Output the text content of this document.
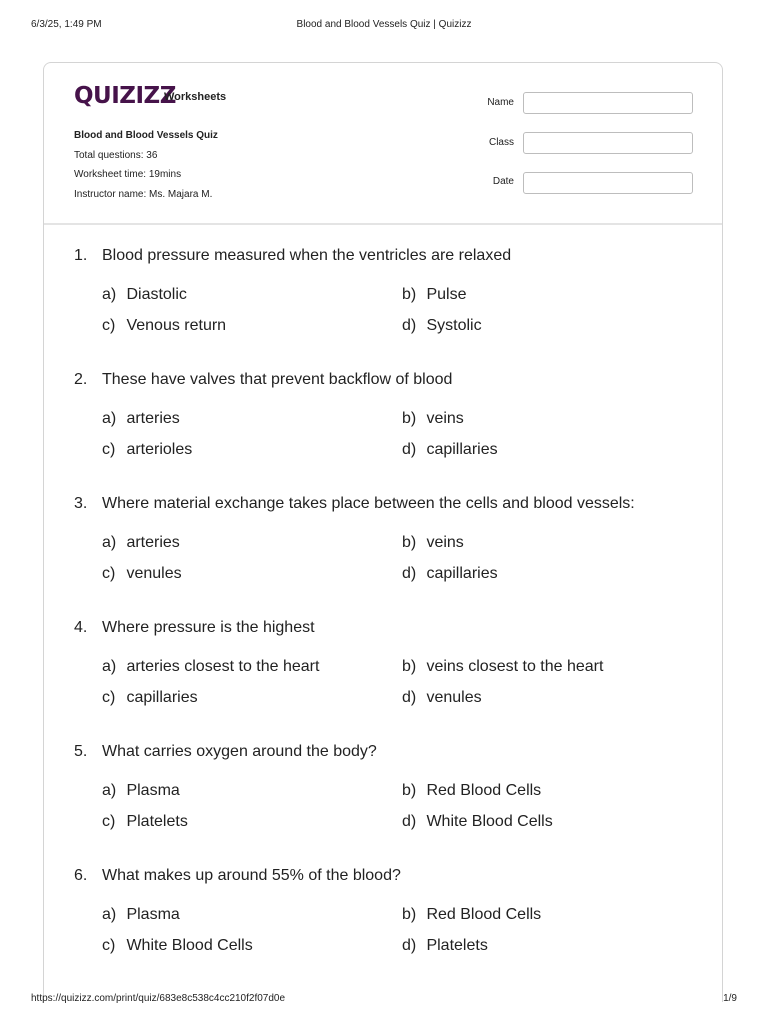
6/3/25, 1:49 PM	Blood and Blood Vessels Quiz | Quizizz
QUIZIZZ
Worksheets
Blood and Blood Vessels Quiz
Total questions: 36
Worksheet time: 19mins
Instructor name: Ms. Majara M.
Name
Class
Date
1. Blood pressure measured when the ventricles are relaxed
a) Diastolic	b) Pulse
c) Venous return	d) Systolic
2. These have valves that prevent backflow of blood
a) arteries	b) veins
c) arterioles	d) capillaries
3. Where material exchange takes place between the cells and blood vessels:
a) arteries	b) veins
c) venules	d) capillaries
4. Where pressure is the highest
a) arteries closest to the heart	b) veins closest to the heart
c) capillaries	d) venules
5. What carries oxygen around the body?
a) Plasma	b) Red Blood Cells
c) Platelets	d) White Blood Cells
6. What makes up around 55% of the blood?
a) Plasma	b) Red Blood Cells
c) White Blood Cells	d) Platelets
https://quizizz.com/print/quiz/683e8c538c4cc210f2f07d0e	1/9
